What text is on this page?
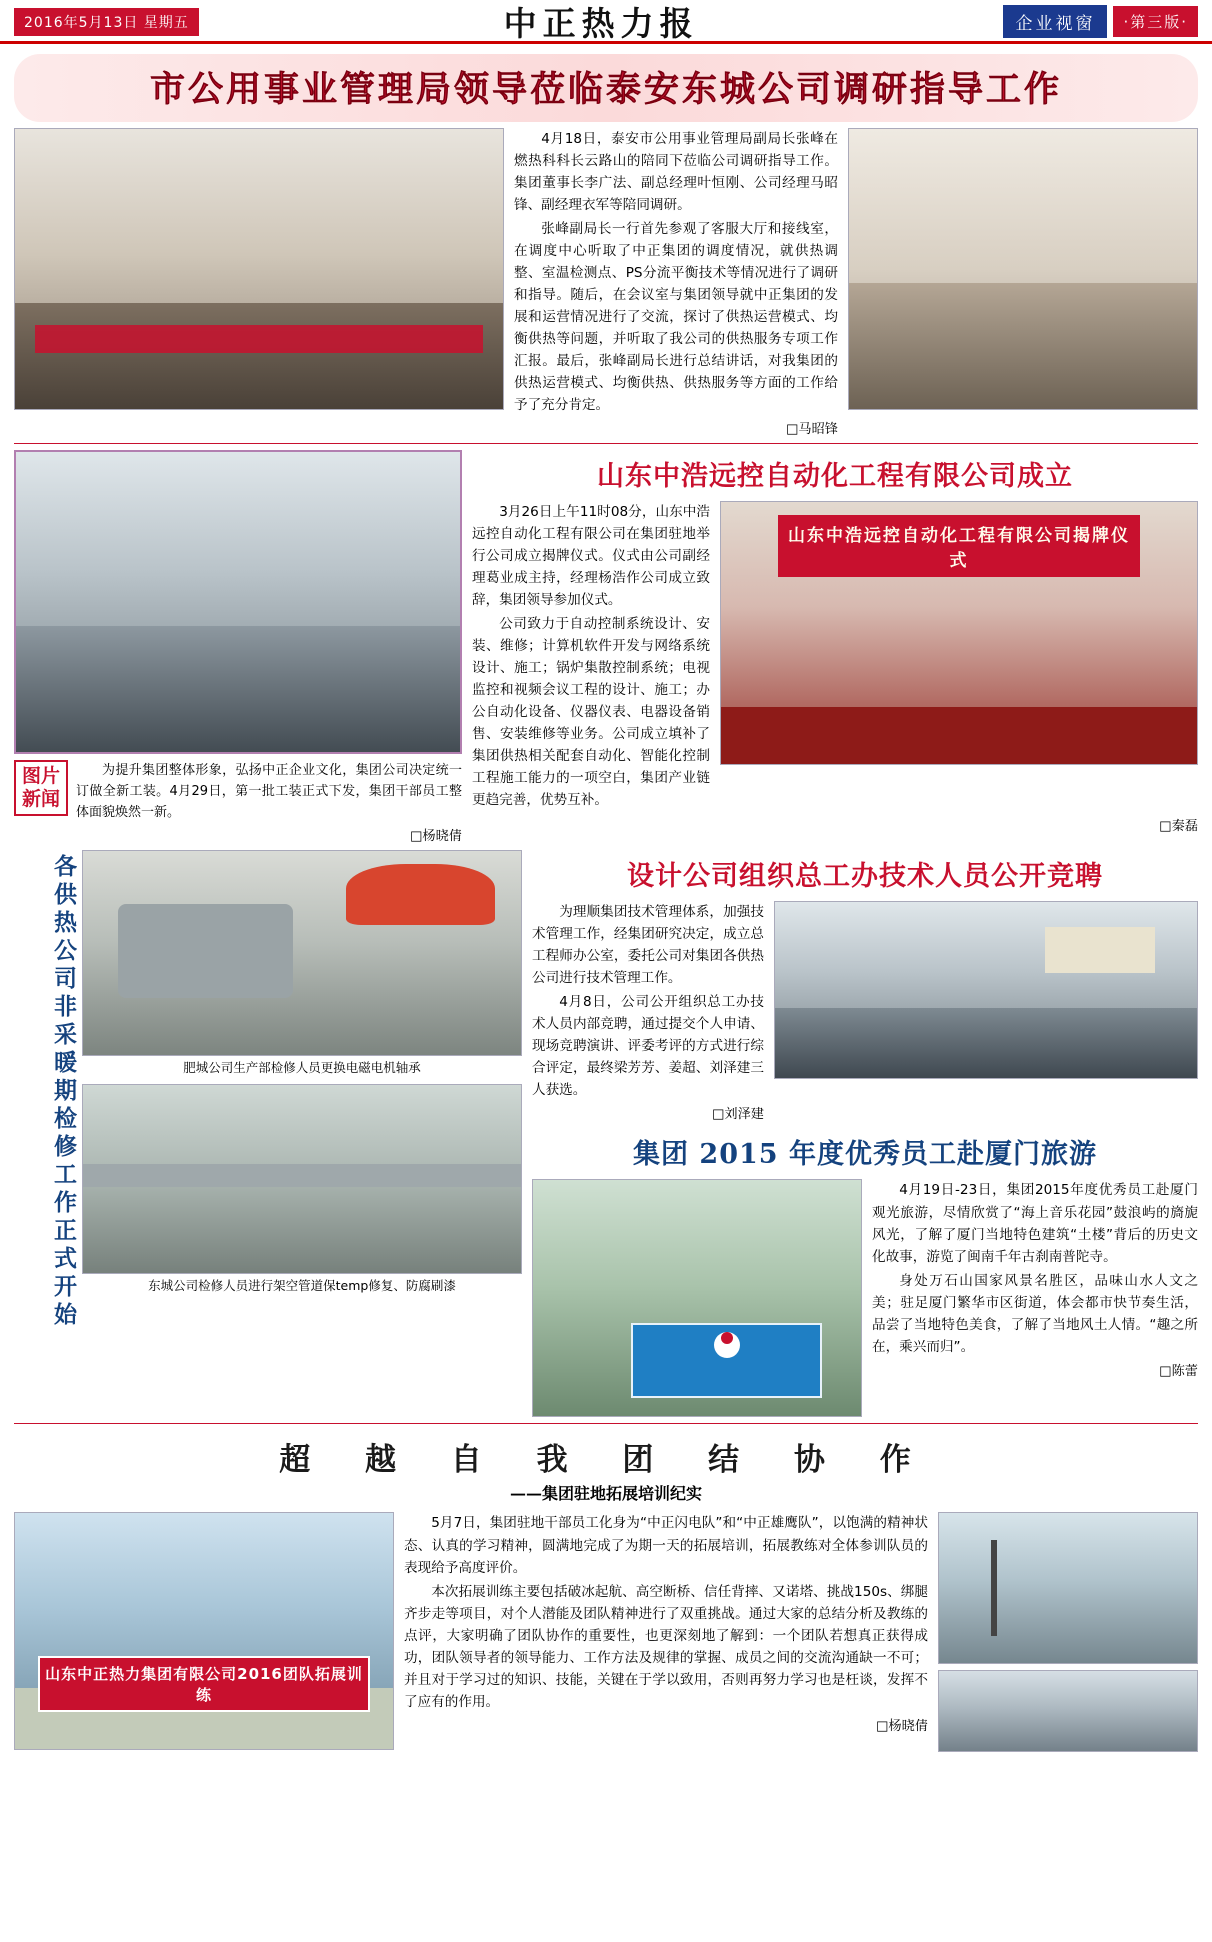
2016年5月13日 星期五	中正热力报	企业视窗	·第三版·
市公用事业管理局领导莅临泰安东城公司调研指导工作

4月18日，泰安市公用事业管理局副局长张峰在燃热科科长云路山的陪同下莅临公司调研指导工作。集团董事长李广法、副总经理叶恒刚、公司经理马昭锋、副经理衣军等陪同调研。

张峰副局长一行首先参观了客服大厅和接线室，在调度中心听取了中正集团的调度情况，就供热调整、室温检测点、PS分流平衡技术等情况进行了调研和指导。随后，在会议室与集团领导就中正集团的发展和运营情况进行了交流，探讨了供热运营模式、均衡供热等问题，并听取了我公司的供热服务专项工作汇报。最后，张峰副局长进行总结讲话，对我集团的供热运营模式、均衡供热、供热服务等方面的工作给予了充分肯定。

□马昭锋
图片
新闻

为提升集团整体形象，弘扬中正企业文化，集团公司决定统一订做全新工装。4月29日，第一批工装正式下发，集团干部员工整体面貌焕然一新。

□杨晓倩
山东中浩远控自动化工程有限公司成立

3月26日上午11时08分，山东中浩远控自动化工程有限公司在集团驻地举行公司成立揭牌仪式。仪式由公司副经理葛业成主持，经理杨浩作公司成立致辞，集团领导参加仪式。

公司致力于自动控制系统设计、安装、维修；计算机软件开发与网络系统设计、施工；锅炉集散控制系统；电视监控和视频会议工程的设计、施工；办公自动化设备、仪器仪表、电器设备销售、安装维修等业务。公司成立填补了集团供热相关配套自动化、智能化控制工程施工能力的一项空白，集团产业链更趋完善，优势互补。

山东中浩远控自动化工程有限公司揭牌仪式
□秦磊
各供热公司非采暖期检修工作正式开始	肥城公司生产部检修人员更换电磁电机轴承
东城公司检修人员进行架空管道保temp修复、防腐刷漆
设计公司组织总工办技术人员公开竞聘

为理顺集团技术管理体系，加强技术管理工作，经集团研究决定，成立总工程师办公室，委托公司对集团各供热公司进行技术管理工作。

4月8日，公司公开组织总工办技术人员内部竞聘，通过提交个人申请、现场竞聘演讲、评委考评的方式进行综合评定，最终梁芳芳、姜超、刘泽建三人获选。

□刘泽建
集团 2015 年度优秀员工赴厦门旅游

4月19日-23日，集团2015年度优秀员工赴厦门观光旅游，尽情欣赏了“海上音乐花园”鼓浪屿的旖旎风光，了解了厦门当地特色建筑“土楼”背后的历史文化故事，游览了闽南千年古刹南普陀寺。

身处万石山国家风景名胜区，品味山水人文之美；驻足厦门繁华市区街道，体会都市快节奏生活，品尝了当地特色美食，了解了当地风土人情。“趣之所在，乘兴而归”。

□陈蕾
超 越 自 我 团 结 协 作
——集团驻地拓展培训纪实
山东中正热力集团有限公司2016团队拓展训练

5月7日，集团驻地干部员工化身为“中正闪电队”和“中正雄鹰队”，以饱满的精神状态、认真的学习精神，圆满地完成了为期一天的拓展培训，拓展教练对全体参训队员的表现给予高度评价。

本次拓展训练主要包括破冰起航、高空断桥、信任背摔、又诺塔、挑战150s、绑腿齐步走等项目，对个人潜能及团队精神进行了双重挑战。通过大家的总结分析及教练的点评，大家明确了团队协作的重要性，也更深刻地了解到：一个团队若想真正获得成功，团队领导者的领导能力、工作方法及规律的掌握、成员之间的交流沟通缺一不可；并且对于学习过的知识、技能，关键在于学以致用，否则再努力学习也是枉谈，发挥不了应有的作用。

□杨晓倩
